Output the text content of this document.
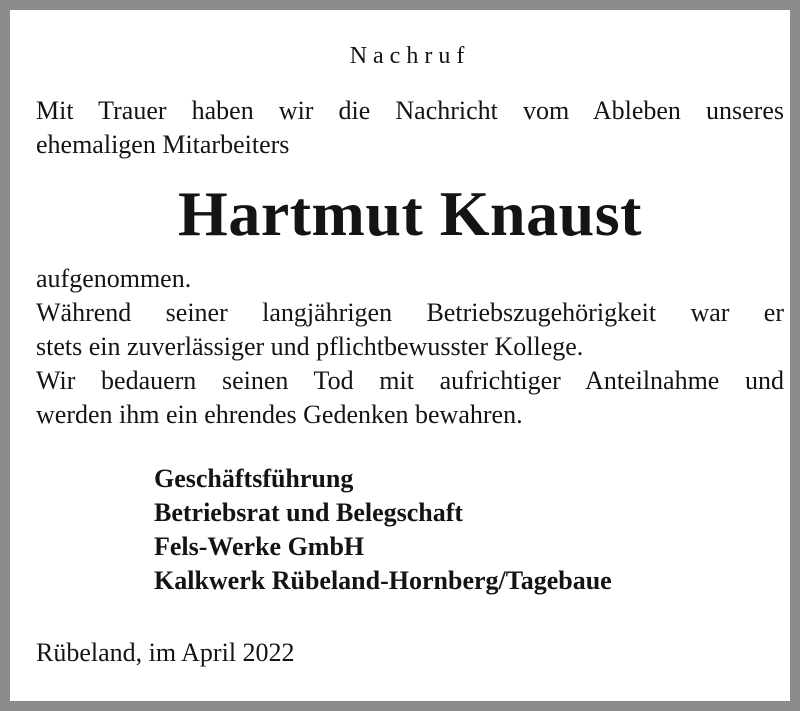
Nachruf
Mit Trauer haben wir die Nachricht vom Ableben unseres
ehemaligen Mitarbeiters
Hartmut Knaust
aufgenommen.
Während seiner langjährigen Betriebszugehörigkeit war er
stets ein zuverlässiger und pflichtbewusster Kollege.
Wir bedauern seinen Tod mit aufrichtiger Anteilnahme und
werden ihm ein ehrendes Gedenken bewahren.
Geschäftsführung
Betriebsrat und Belegschaft
Fels-Werke GmbH
Kalkwerk Rübeland-Hornberg/Tagebaue
Rübeland, im April 2022
